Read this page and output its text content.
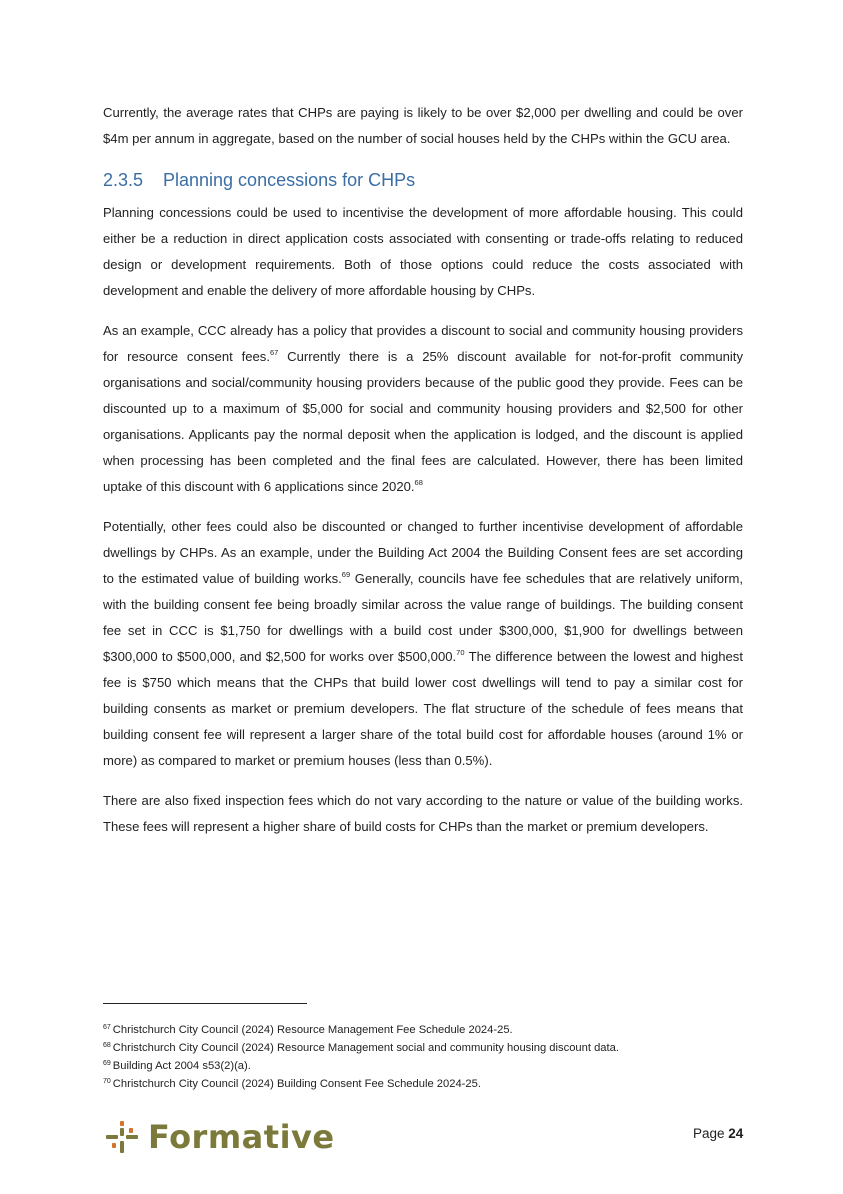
Currently, the average rates that CHPs are paying is likely to be over $2,000 per dwelling and could be over $4m per annum in aggregate, based on the number of social houses held by the CHPs within the GCU area.

2.3.5 Planning concessions for CHPs

Planning concessions could be used to incentivise the development of more affordable housing. This could either be a reduction in direct application costs associated with consenting or trade-offs relating to reduced design or development requirements. Both of those options could reduce the costs associated with development and enable the delivery of more affordable housing by CHPs.

As an example, CCC already has a policy that provides a discount to social and community housing providers for resource consent fees.$^{67}$ Currently there is a 25% discount available for not-for-profit community organisations and social/community housing providers because of the public good they provide. Fees can be discounted up to a maximum of $5,000 for social and community housing providers and $2,500 for other organisations. Applicants pay the normal deposit when the application is lodged, and the discount is applied when processing has been completed and the final fees are calculated. However, there has been limited uptake of this discount with 6 applications since 2020.68

Potentially, other fees could also be discounted or changed to further incentivise development of affordable dwellings by CHPs. As an example, under the Building Act 2004 the Building Consent fees are set according to the estimated value of building works.$^{69}$ Generally, councils have fee schedules that are relatively uniform, with the building consent fee being broadly similar across the value range of buildings. The building consent fee set in CCC is $1,750 for dwellings with a build cost under $300,000, $1,900 for dwellings between $300,000 to $500,000, and $2,500 for works over $500,000.70 The difference between the lowest and highest fee is $750 which means that the CHPs that build lower cost dwellings will tend to pay a similar cost for building consents as market or premium developers. The flat structure of the schedule of fees means that building consent fee will represent a larger share of the total build cost for affordable houses (around 1% or more) as compared to market or premium houses (less than 0.5%).

There are also fixed inspection fees which do not vary according to the nature or value of the building works. These fees will represent a higher share of build costs for CHPs than the market or premium developers.

$^{67}$ Christchurch City Council (2024) Resource Management Fee Schedule 2024-25.

$^{68}$ Christchurch City Council (2024) Resource Management social and community housing discount data.

$^{69}$ Building Act 2004 s53(2)(a).

$^{70}$ Christchurch City Council (2024) Building Consent Fee Schedule 2024-25.

Formative	Page 24
